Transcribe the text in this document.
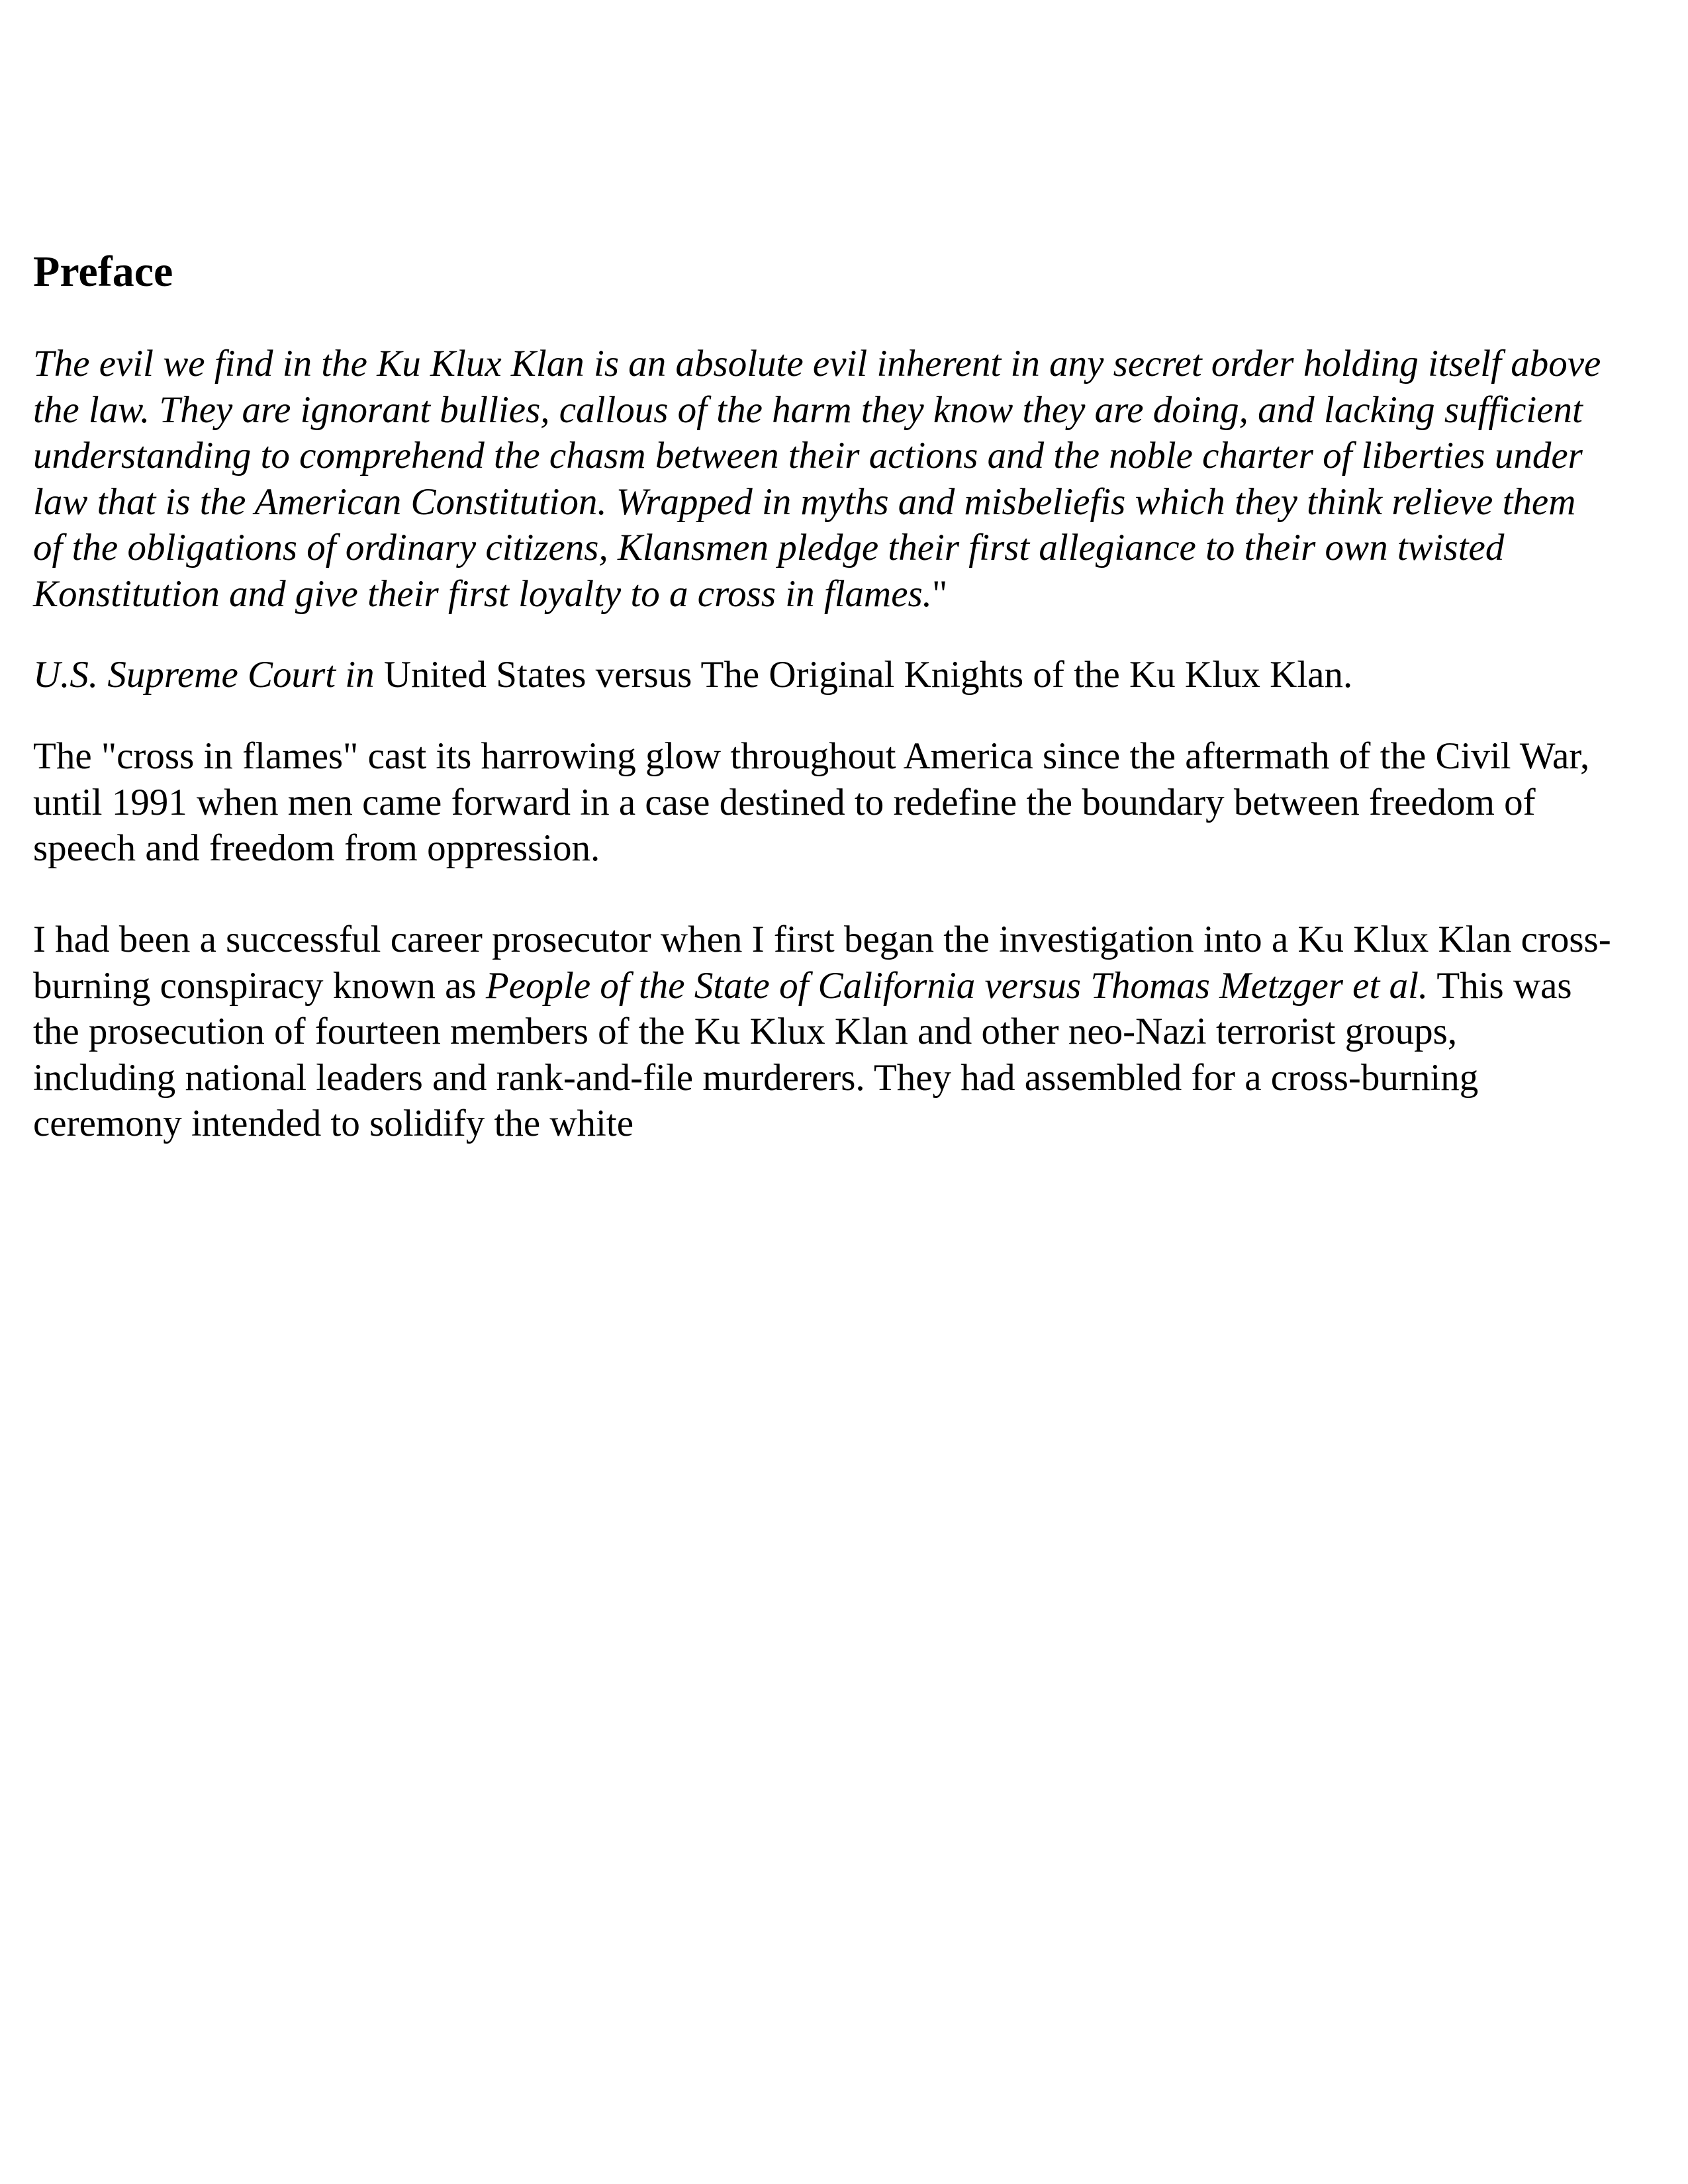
Preface

The evil we find in the Ku Klux Klan is an absolute evil inherent in any secret order holding itself above
the law. They are ignorant bullies, callous of the harm they know they are doing, and lacking sufficient
understanding to comprehend the chasm between their actions and the noble charter of liberties under
law that is the American Constitution. Wrapped in myths and misbeliefis which they think relieve them
of the obligations of ordinary citizens, Klansmen pledge their first allegiance to their own twisted
Konstitution and give their first loyalty to a cross in flames."

U.S. Supreme Court in United States versus The Original Knights of the Ku Klux Klan.

The "cross in flames" cast its harrowing glow throughout America since the aftermath of the Civil War,
until 1991 when men came forward in a case destined to redefine the boundary between freedom of
speech and freedom from oppression.

I had been a successful career prosecutor when I first began the investigation into a Ku Klux Klan cross-
burning conspiracy known as People of the State of California versus Thomas Metzger et al. This was
the prosecution of fourteen members of the Ku Klux Klan and other neo-Nazi terrorist groups,
including national leaders and rank-and-file murderers. They had assembled for a cross-burning
ceremony intended to solidify the white
